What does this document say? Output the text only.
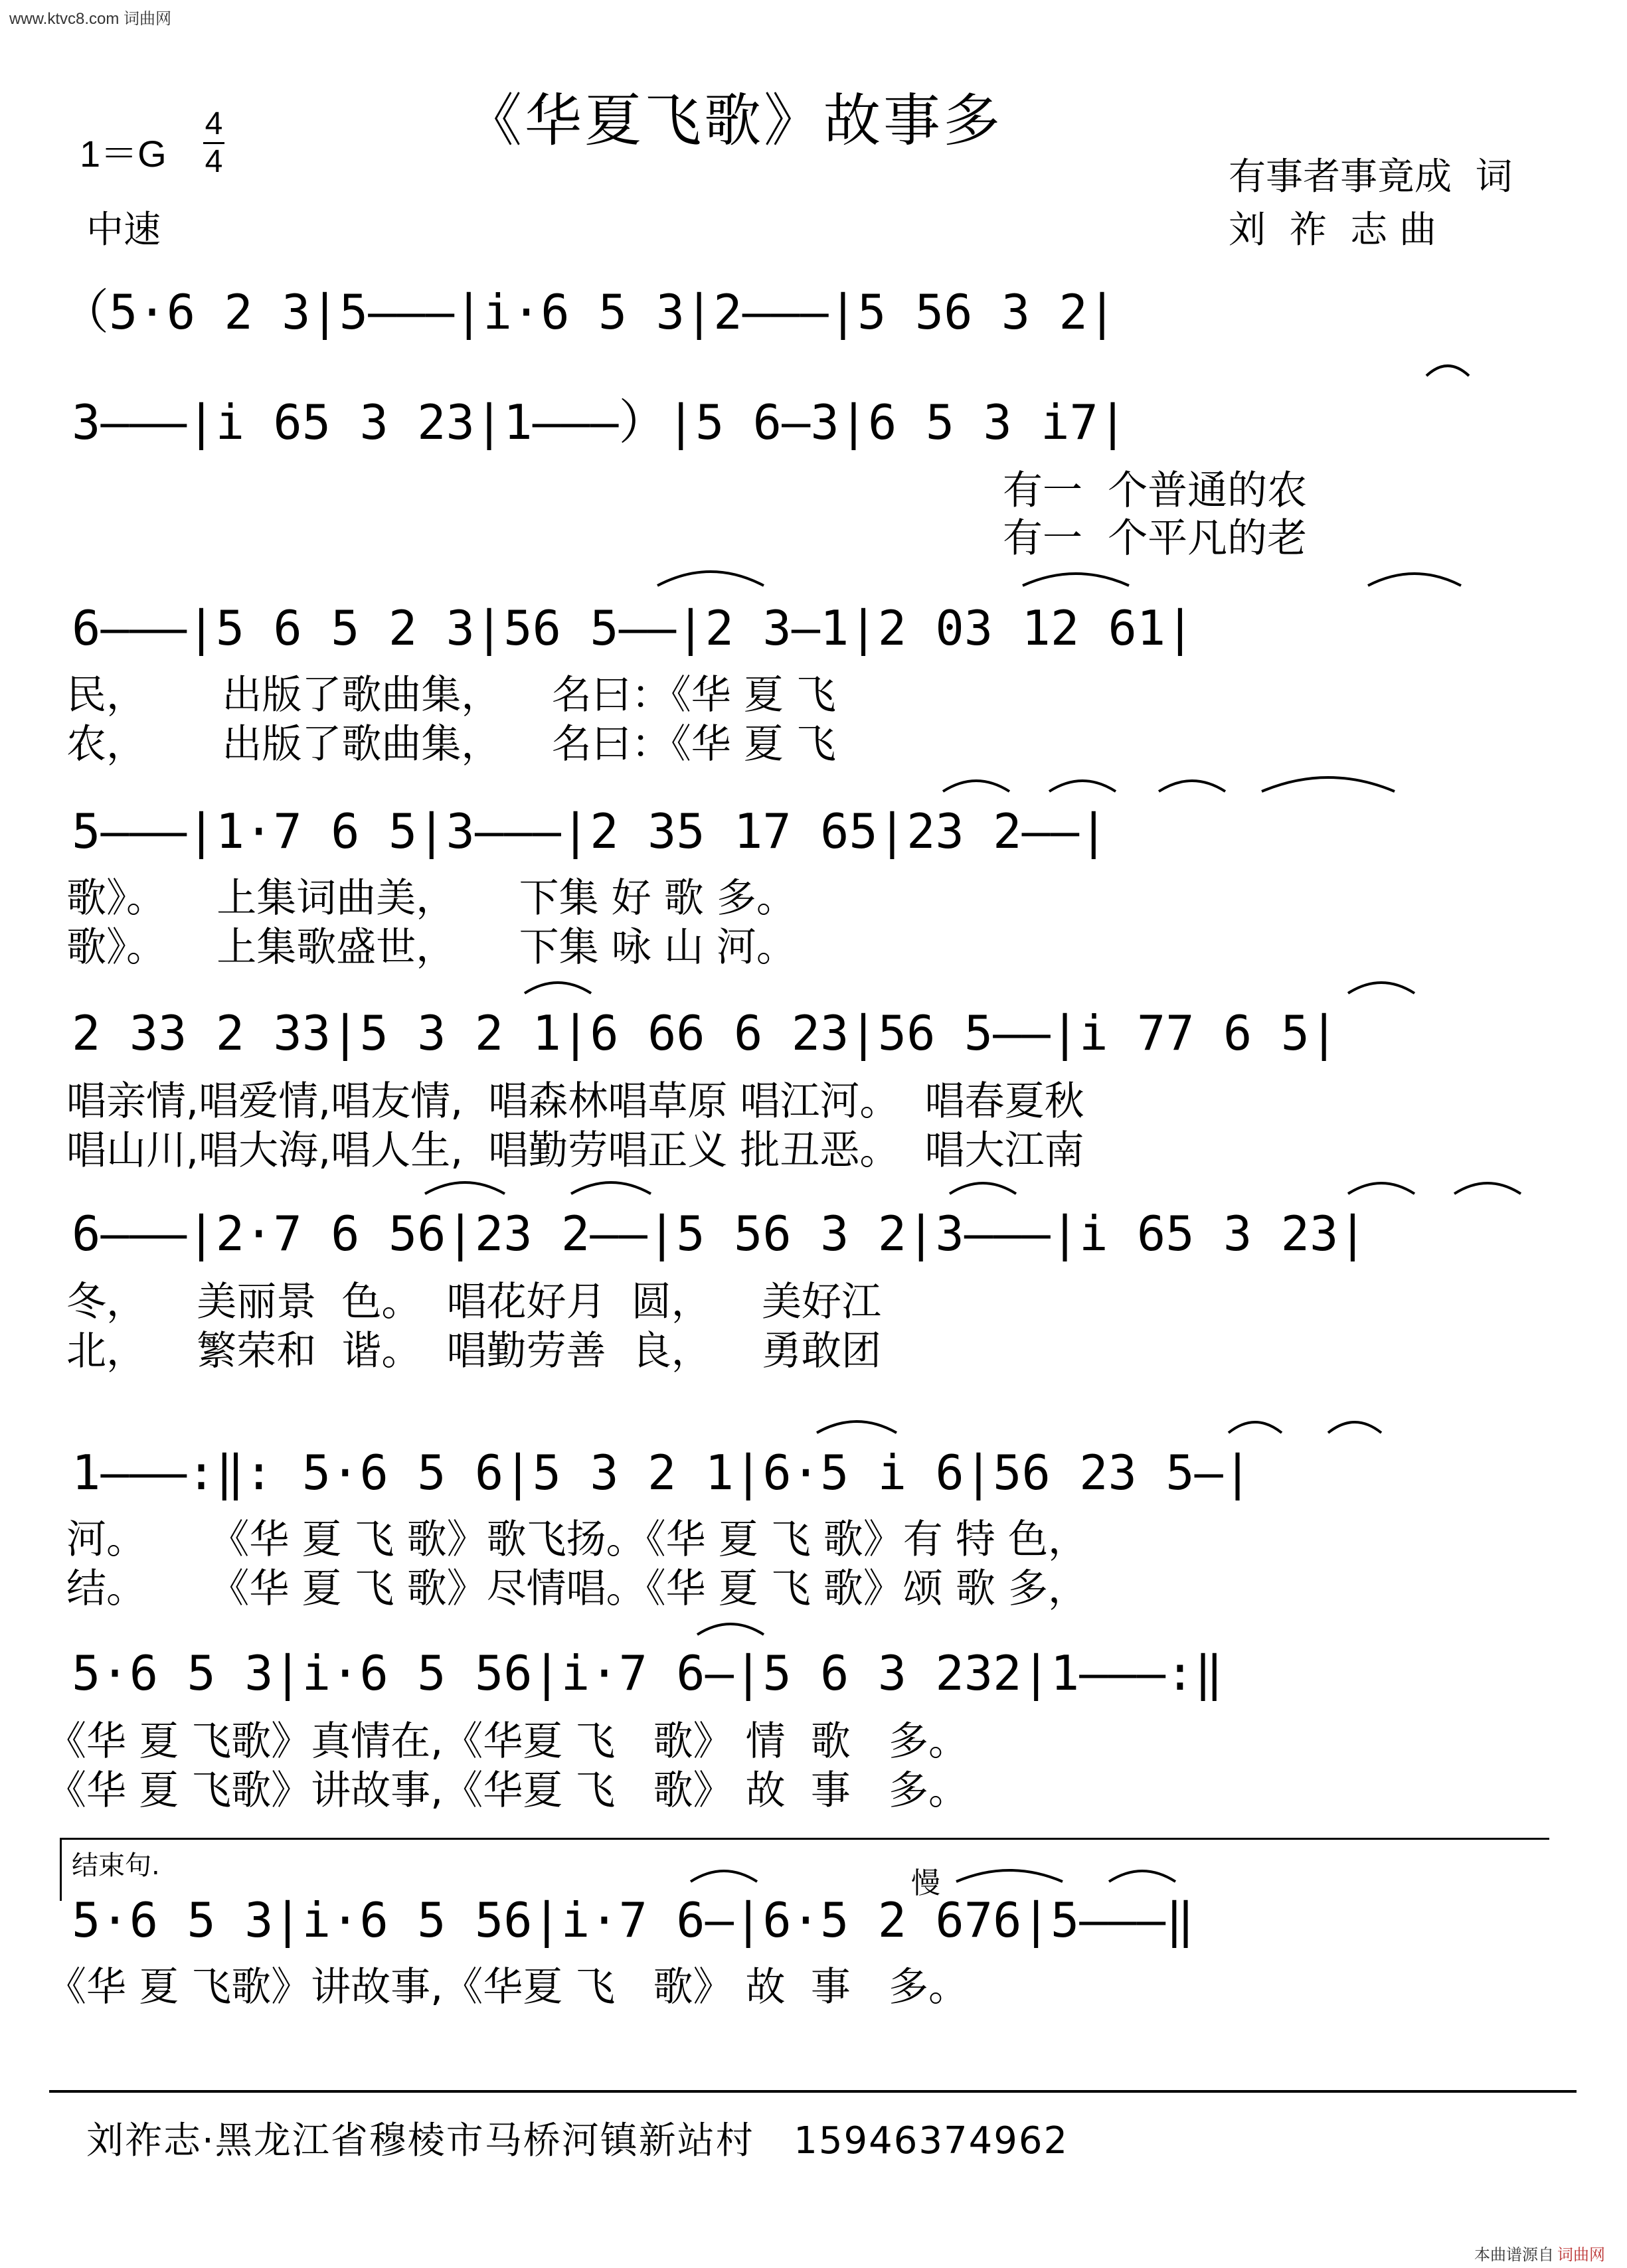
www.ktvc8.com 词曲网
本曲谱源自 词曲网
《华夏飞歌》故事多
1＝G
4
4
中速
有事者事竟成  词
刘  祚  志 曲
（5·6 2 3|5———|i·6 5 3|2———|5 56 3 2|
3———|i 65 3 23|1———）|5 6—3|6 5 3 i7|
有一  个普通的农
有一  个平凡的老
6———|5 6 5 2 3|56 5——|2 3—1|2 03 12 61|
民，      出版了歌曲集，    名曰：《华 夏 飞
农，      出版了歌曲集，    名曰：《华 夏 飞
5———|1·7 6 5|3———|2 35 17 65|23 2——|
歌》。    上集词曲美，     下集 好 歌 多。
歌》。    上集歌盛世，     下集 咏 山 河。
2 33 2 33|5 3 2 1|6 66 6 23|56 5——|i 77 6 5|
唱亲情,唱爱情,唱友情,  唱森林唱草原 唱江河。  唱春夏秋
唱山川,唱大海,唱人生,  唱勤劳唱正义 批丑恶。  唱大江南
6———|2·7 6 56|23 2——|5 56 3 2|3———|i 65 3 23|
冬，    美丽景  色。  唱花好月  圆，    美好江
北，    繁荣和  谐。  唱勤劳善  良，    勇敢团
1———:‖: 5·6 5 6|5 3 2 1|6·5 i 6|56 23 5—|
河。     《华 夏 飞 歌》歌飞扬。《华 夏 飞 歌》有 特 色，
结。     《华 夏 飞 歌》尽情唱。《华 夏 飞 歌》颂 歌 多，
5·6 5 3|i·6 5 56|i·7 6—|5 6 3 232|1———:‖
《华 夏 飞歌》真情在,《华夏 飞   歌》 情  歌   多。
《华 夏 飞歌》讲故事,《华夏 飞   歌》 故  事   多。
结束句.
慢
5·6 5 3|i·6 5 56|i·7 6—|6·5 2 676|5———‖
《华 夏 飞歌》讲故事,《华夏 飞   歌》 故  事   多。
刘祚志·黑龙江省穆棱市马桥河镇新站村   15946374962
